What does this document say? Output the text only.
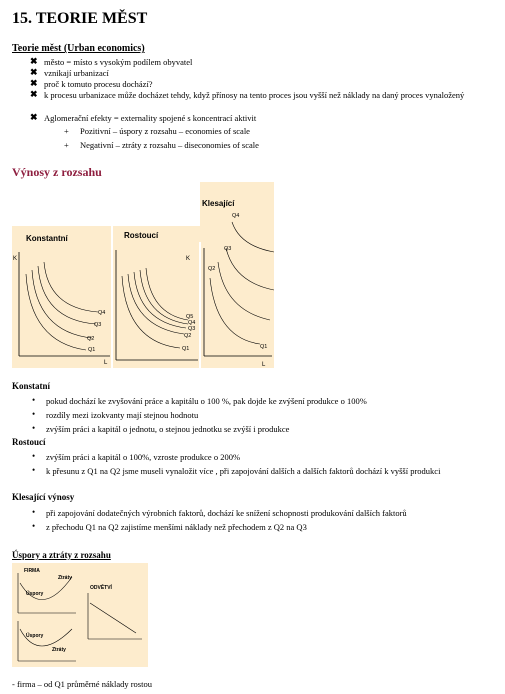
15. TEORIE MĚST
Teorie měst (Urban economics)
✖ město = místo s vysokým podílem obyvatel
✖ vznikají urbanizací
✖ proč k tomuto procesu dochází?
✖ k procesu urbanizace může docházet tehdy, když přínosy na tento proces jsou vyšší než náklady na daný proces vynaložený
✖ Aglomerační efekty = externality spojené s koncentrací aktivit
+ Pozitivní – úspory z rozsahu – economies of scale
+ Negativní – ztráty z rozsahu – diseconomies of scale
Výnosy z rozsahu
Konstantní	Rostoucí
Klesající
K
L
Q1
Q2
Q3
Q4
Q1
Q2
Q3
Q4
Q5
K
L
Q1
Q2
Q3
Q4
Konstatní
• pokud dochází ke zvyšování práce a kapitálu o 100 %, pak dojde ke zvýšení produkce o 100%
• rozdíly mezi izokvanty mají stejnou hodnotu
• zvýším práci a kapitál o jednotu, o stejnou jednotku se zvýší i produkce
Rostoucí
• zvýším práci a kapitál o 100%, vzroste produkce o 200%
• k přesunu z Q1 na Q2 jsme museli vynaložit více , při zapojování dalších a dalších faktorů dochází k vyšší produkci
Klesající výnosy
• při zapojování dodatečných výrobních faktorů, dochází ke snížení schopnosti produkování dalších faktorů
• z přechodu Q1 na Q2 zajistíme menšími náklady než přechodem z Q2 na Q3
Úspory a ztráty z rozsahu
FIRMA
ODVĚTVÍ
Ztráty
Úspory
Úspory
Ztráty
- firma – od Q1 průměrné náklady rostou
